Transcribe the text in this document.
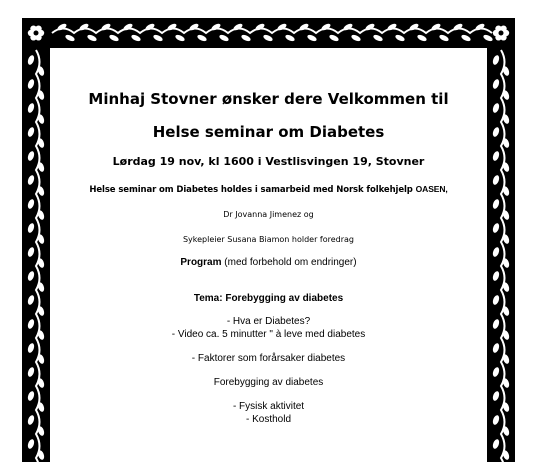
Minhaj Stovner ønsker dere Velkommen til
Helse seminar om Diabetes
Lørdag 19 nov, kl 1600 i Vestlisvingen 19, Stovner
Helse seminar om Diabetes holdes i samarbeid med Norsk folkehjelp OASEN,
Dr Jovanna Jimenez og
Sykepleier Susana Biamon holder foredrag
Program (med forbehold om endringer)
Tema: Forebygging av diabetes
- Hva er Diabetes?
- Video ca. 5 minutter " à leve med diabetes
- Faktorer som forårsaker diabetes
Forebygging av diabetes
- Fysisk aktivitet
- Kosthold
